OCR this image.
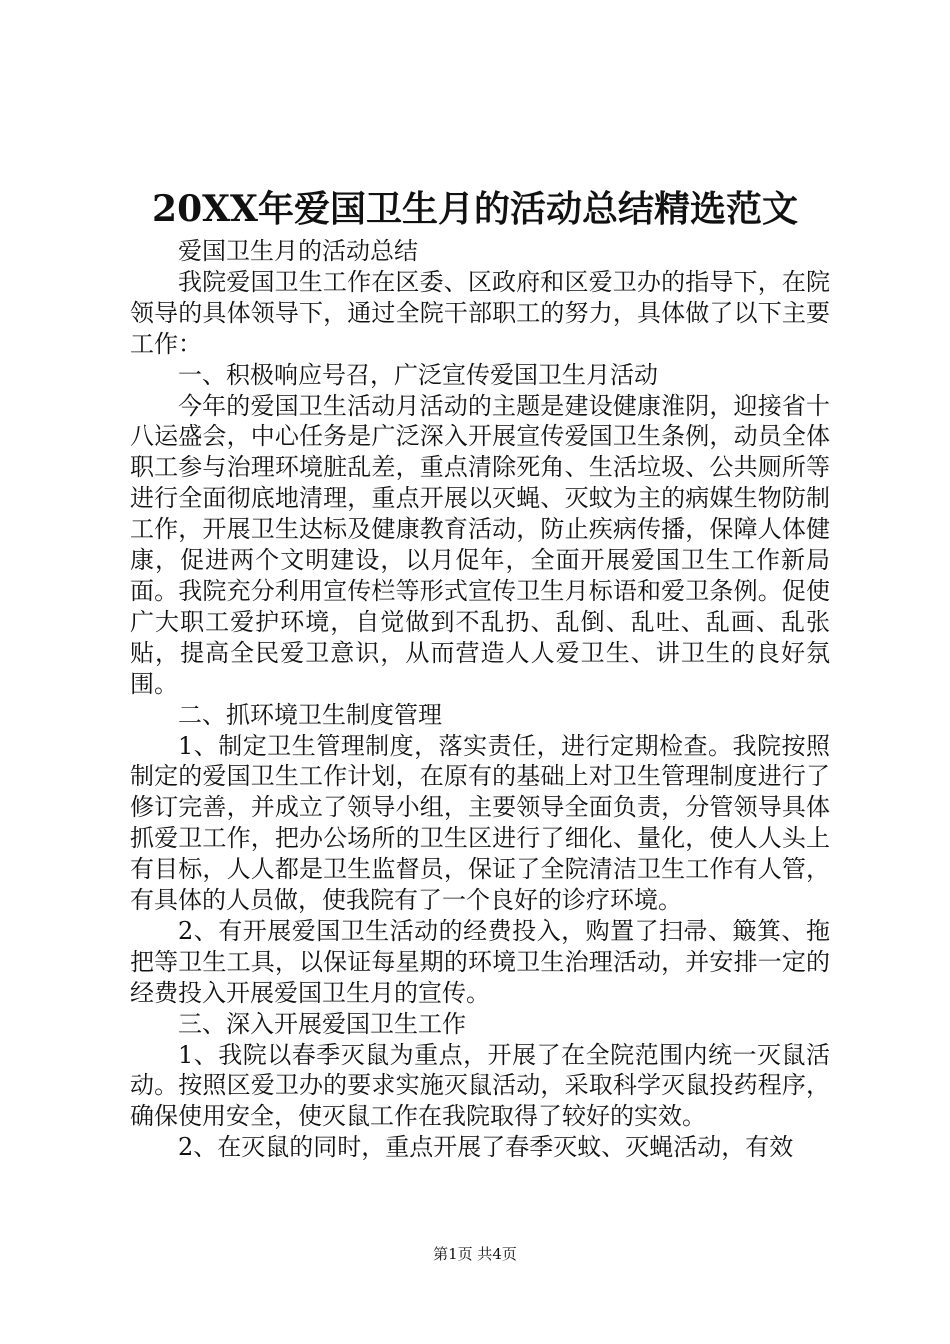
20XX年爱国卫生月的活动总结精选范文

爱国卫生月的活动总结

我院爱国卫生工作在区委、区政府和区爱卫办的指导下，在院领导的具体领导下，通过全院干部职工的努力，具体做了以下主要工作：

一、积极响应号召，广泛宣传爱国卫生月活动

今年的爱国卫生活动月活动的主题是建设健康淮阴，迎接省十八运盛会，中心任务是广泛深入开展宣传爱国卫生条例，动员全体职工参与治理环境脏乱差，重点清除死角、生活垃圾、公共厕所等进行全面彻底地清理，重点开展以灭蝇、灭蚊为主的病媒生物防制工作，开展卫生达标及健康教育活动，防止疾病传播，保障人体健康，促进两个文明建设，以月促年，全面开展爱国卫生工作新局面。我院充分利用宣传栏等形式宣传卫生月标语和爱卫条例。促使广大职工爱护环境，自觉做到不乱扔、乱倒、乱吐、乱画、乱张贴，提高全民爱卫意识，从而营造人人爱卫生、讲卫生的良好氛围。

二、抓环境卫生制度管理

1、制定卫生管理制度，落实责任，进行定期检查。我院按照制定的爱国卫生工作计划，在原有的基础上对卫生管理制度进行了修订完善，并成立了领导小组，主要领导全面负责，分管领导具体抓爱卫工作，把办公场所的卫生区进行了细化、量化，使人人头上有目标，人人都是卫生监督员，保证了全院清洁卫生工作有人管，有具体的人员做，使我院有了一个良好的诊疗环境。

2、有开展爱国卫生活动的经费投入，购置了扫帚、簸箕、拖把等卫生工具，以保证每星期的环境卫生治理活动，并安排一定的经费投入开展爱国卫生月的宣传。

三、深入开展爱国卫生工作

1、我院以春季灭鼠为重点，开展了在全院范围内统一灭鼠活动。按照区爱卫办的要求实施灭鼠活动，采取科学灭鼠投药程序，确保使用安全，使灭鼠工作在我院取得了较好的实效。

2、在灭鼠的同时，重点开展了春季灭蚊、灭蝇活动，有效

第1页 共4页
